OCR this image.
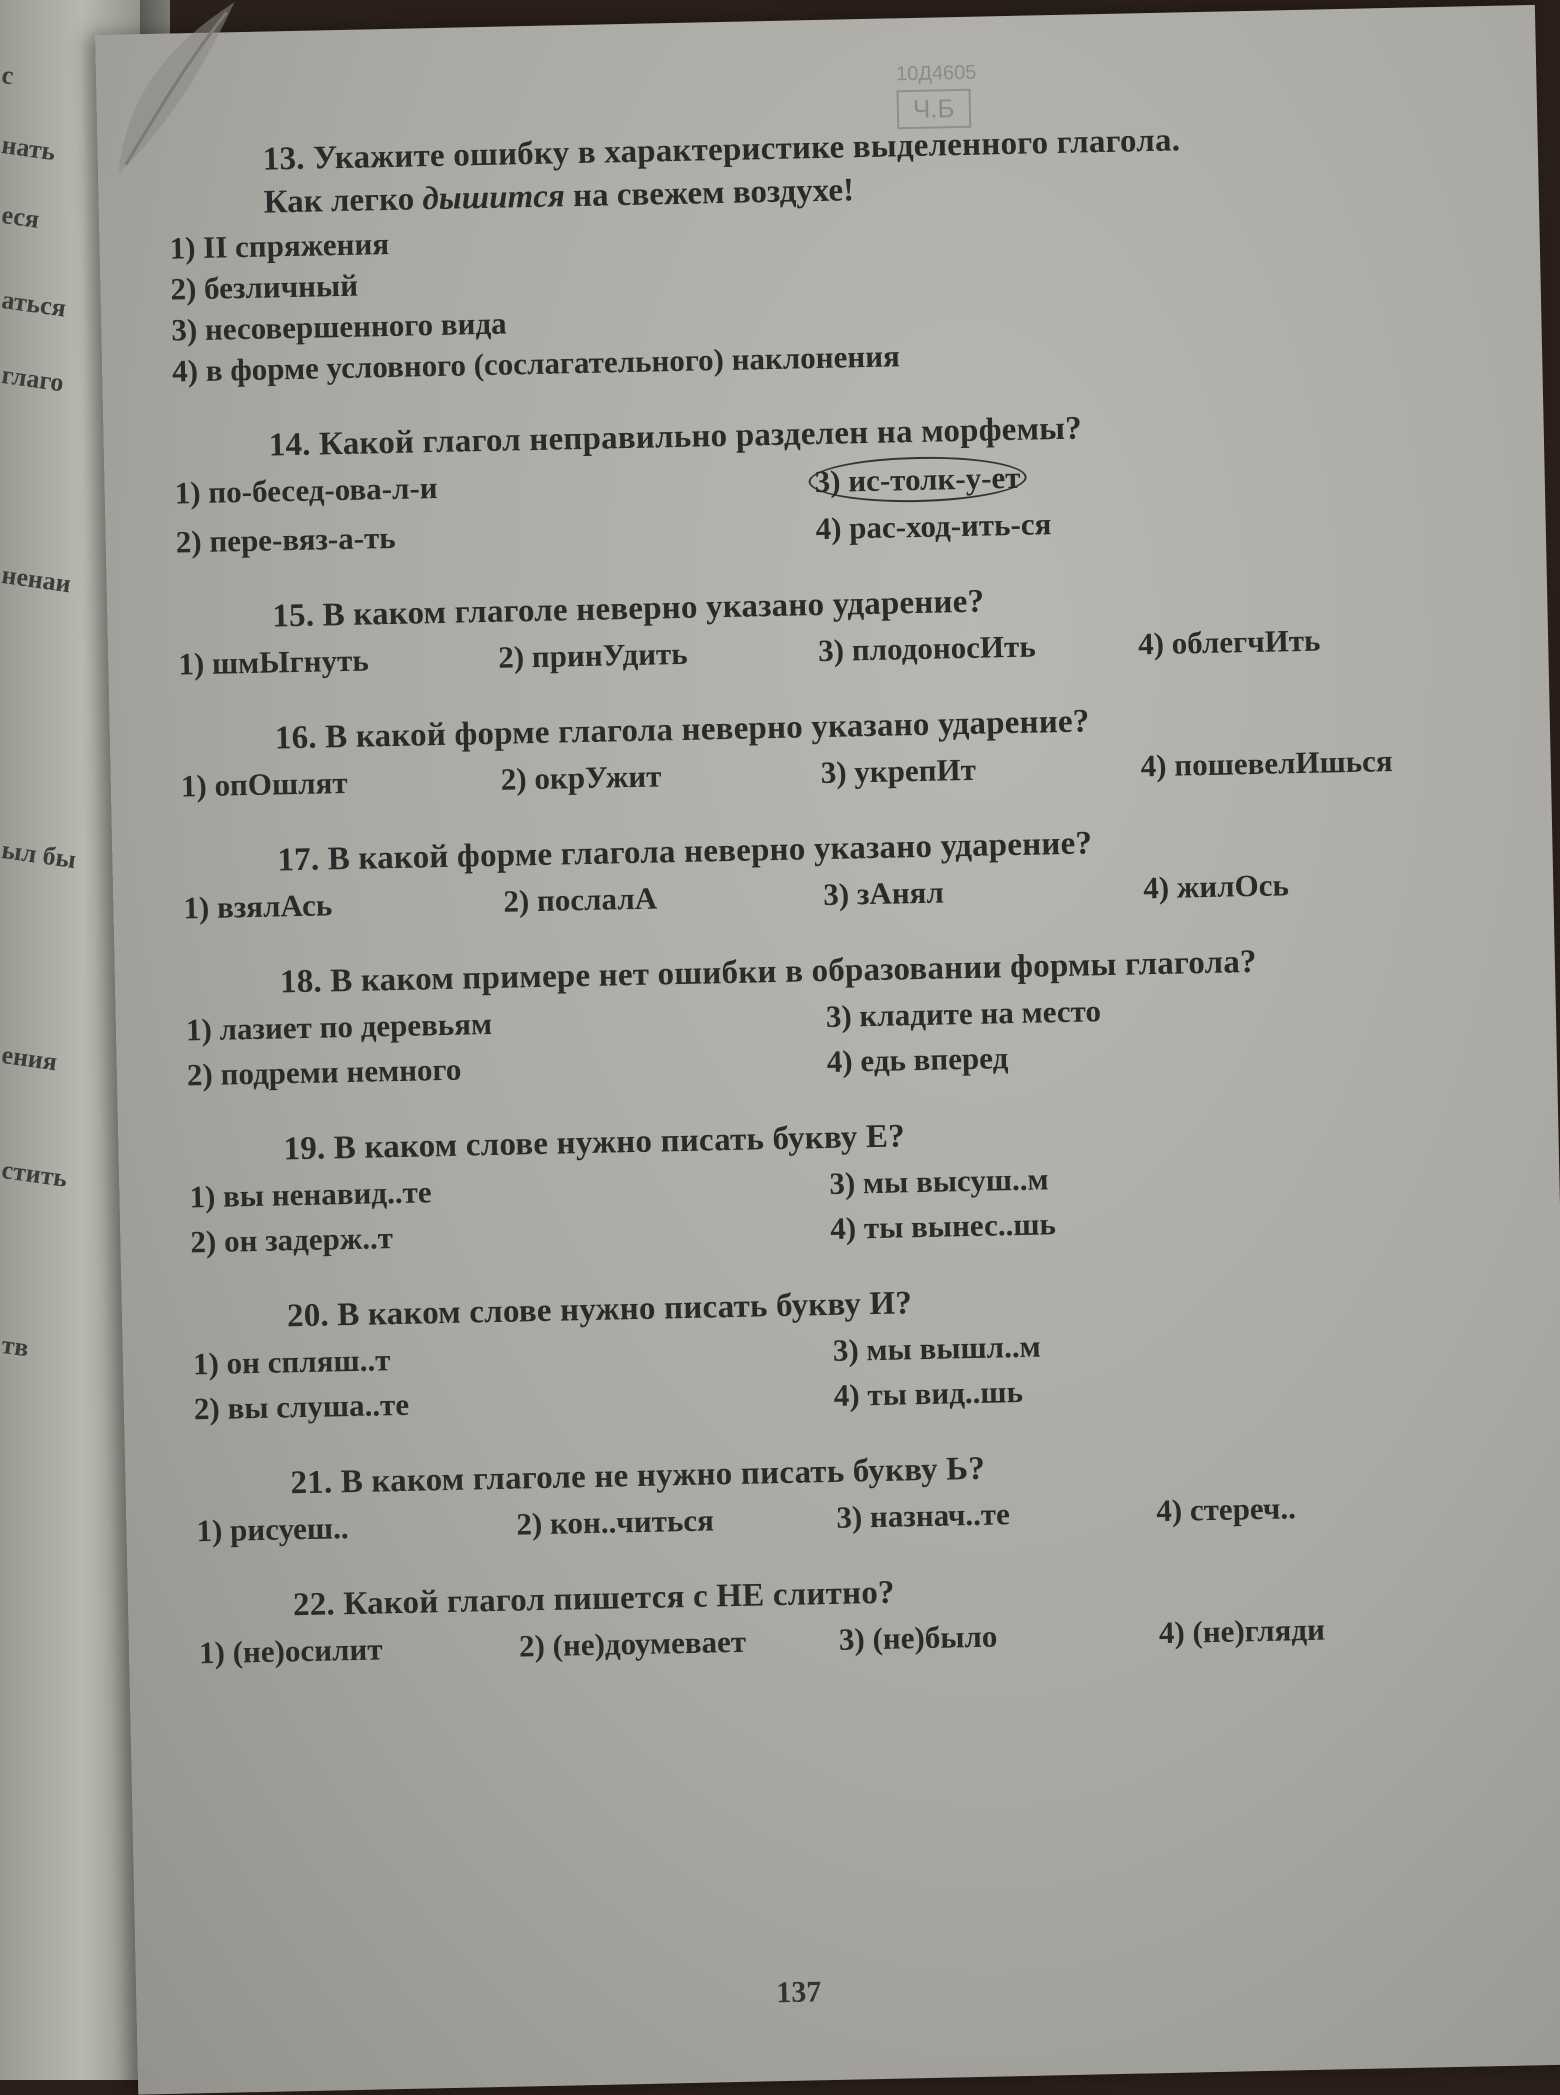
с
нать
еся
аться
глаго
ненаи
ыл бы
ения
стить
тв
10Д4605
Ч.Б
13. Укажите ошибку в характеристике выделенного глагола.
Как легко дышится на свежем воздухе!
1) II спряжения
2) безличный
3) несовершенного вида
4) в форме условного (сослагательного) наклонения
14. Какой глагол неправильно разделен на морфемы?
1) по-бесед-ова-л-и	3) ис-толк-у-ет
2) пере-вяз-а-ть	4) рас-ход-ить-ся
15. В каком глаголе неверно указано ударение?
1) шмЫгнуть	2) принУдить	3) плодоносИть	4) облегчИть
16. В какой форме глагола неверно указано ударение?
1) опОшлят	2) окрУжит	3) укрепИт	4) пошевелИшься
17. В какой форме глагола неверно указано ударение?
1) взялАсь	2) послалА	3) зАнял	4) жилОсь
18. В каком примере нет ошибки в образовании формы глагола?
1) лазиет по деревьям	3) кладите на место
2) подреми немного	4) едь вперед
19. В каком слове нужно писать букву Е?
1) вы ненавид..те	3) мы высуш..м
2) он задерж..т	4) ты вынес..шь
20. В каком слове нужно писать букву И?
1) он спляш..т	3) мы вышл..м
2) вы слуша..те	4) ты вид..шь
21. В каком глаголе не нужно писать букву Ь?
1) рисуеш..	2) кон..читься	3) назнач..те	4) стереч..
22. Какой глагол пишется с НЕ слитно?
1) (не)осилит	2) (не)доумевает	3) (не)было	4) (не)гляди
137
